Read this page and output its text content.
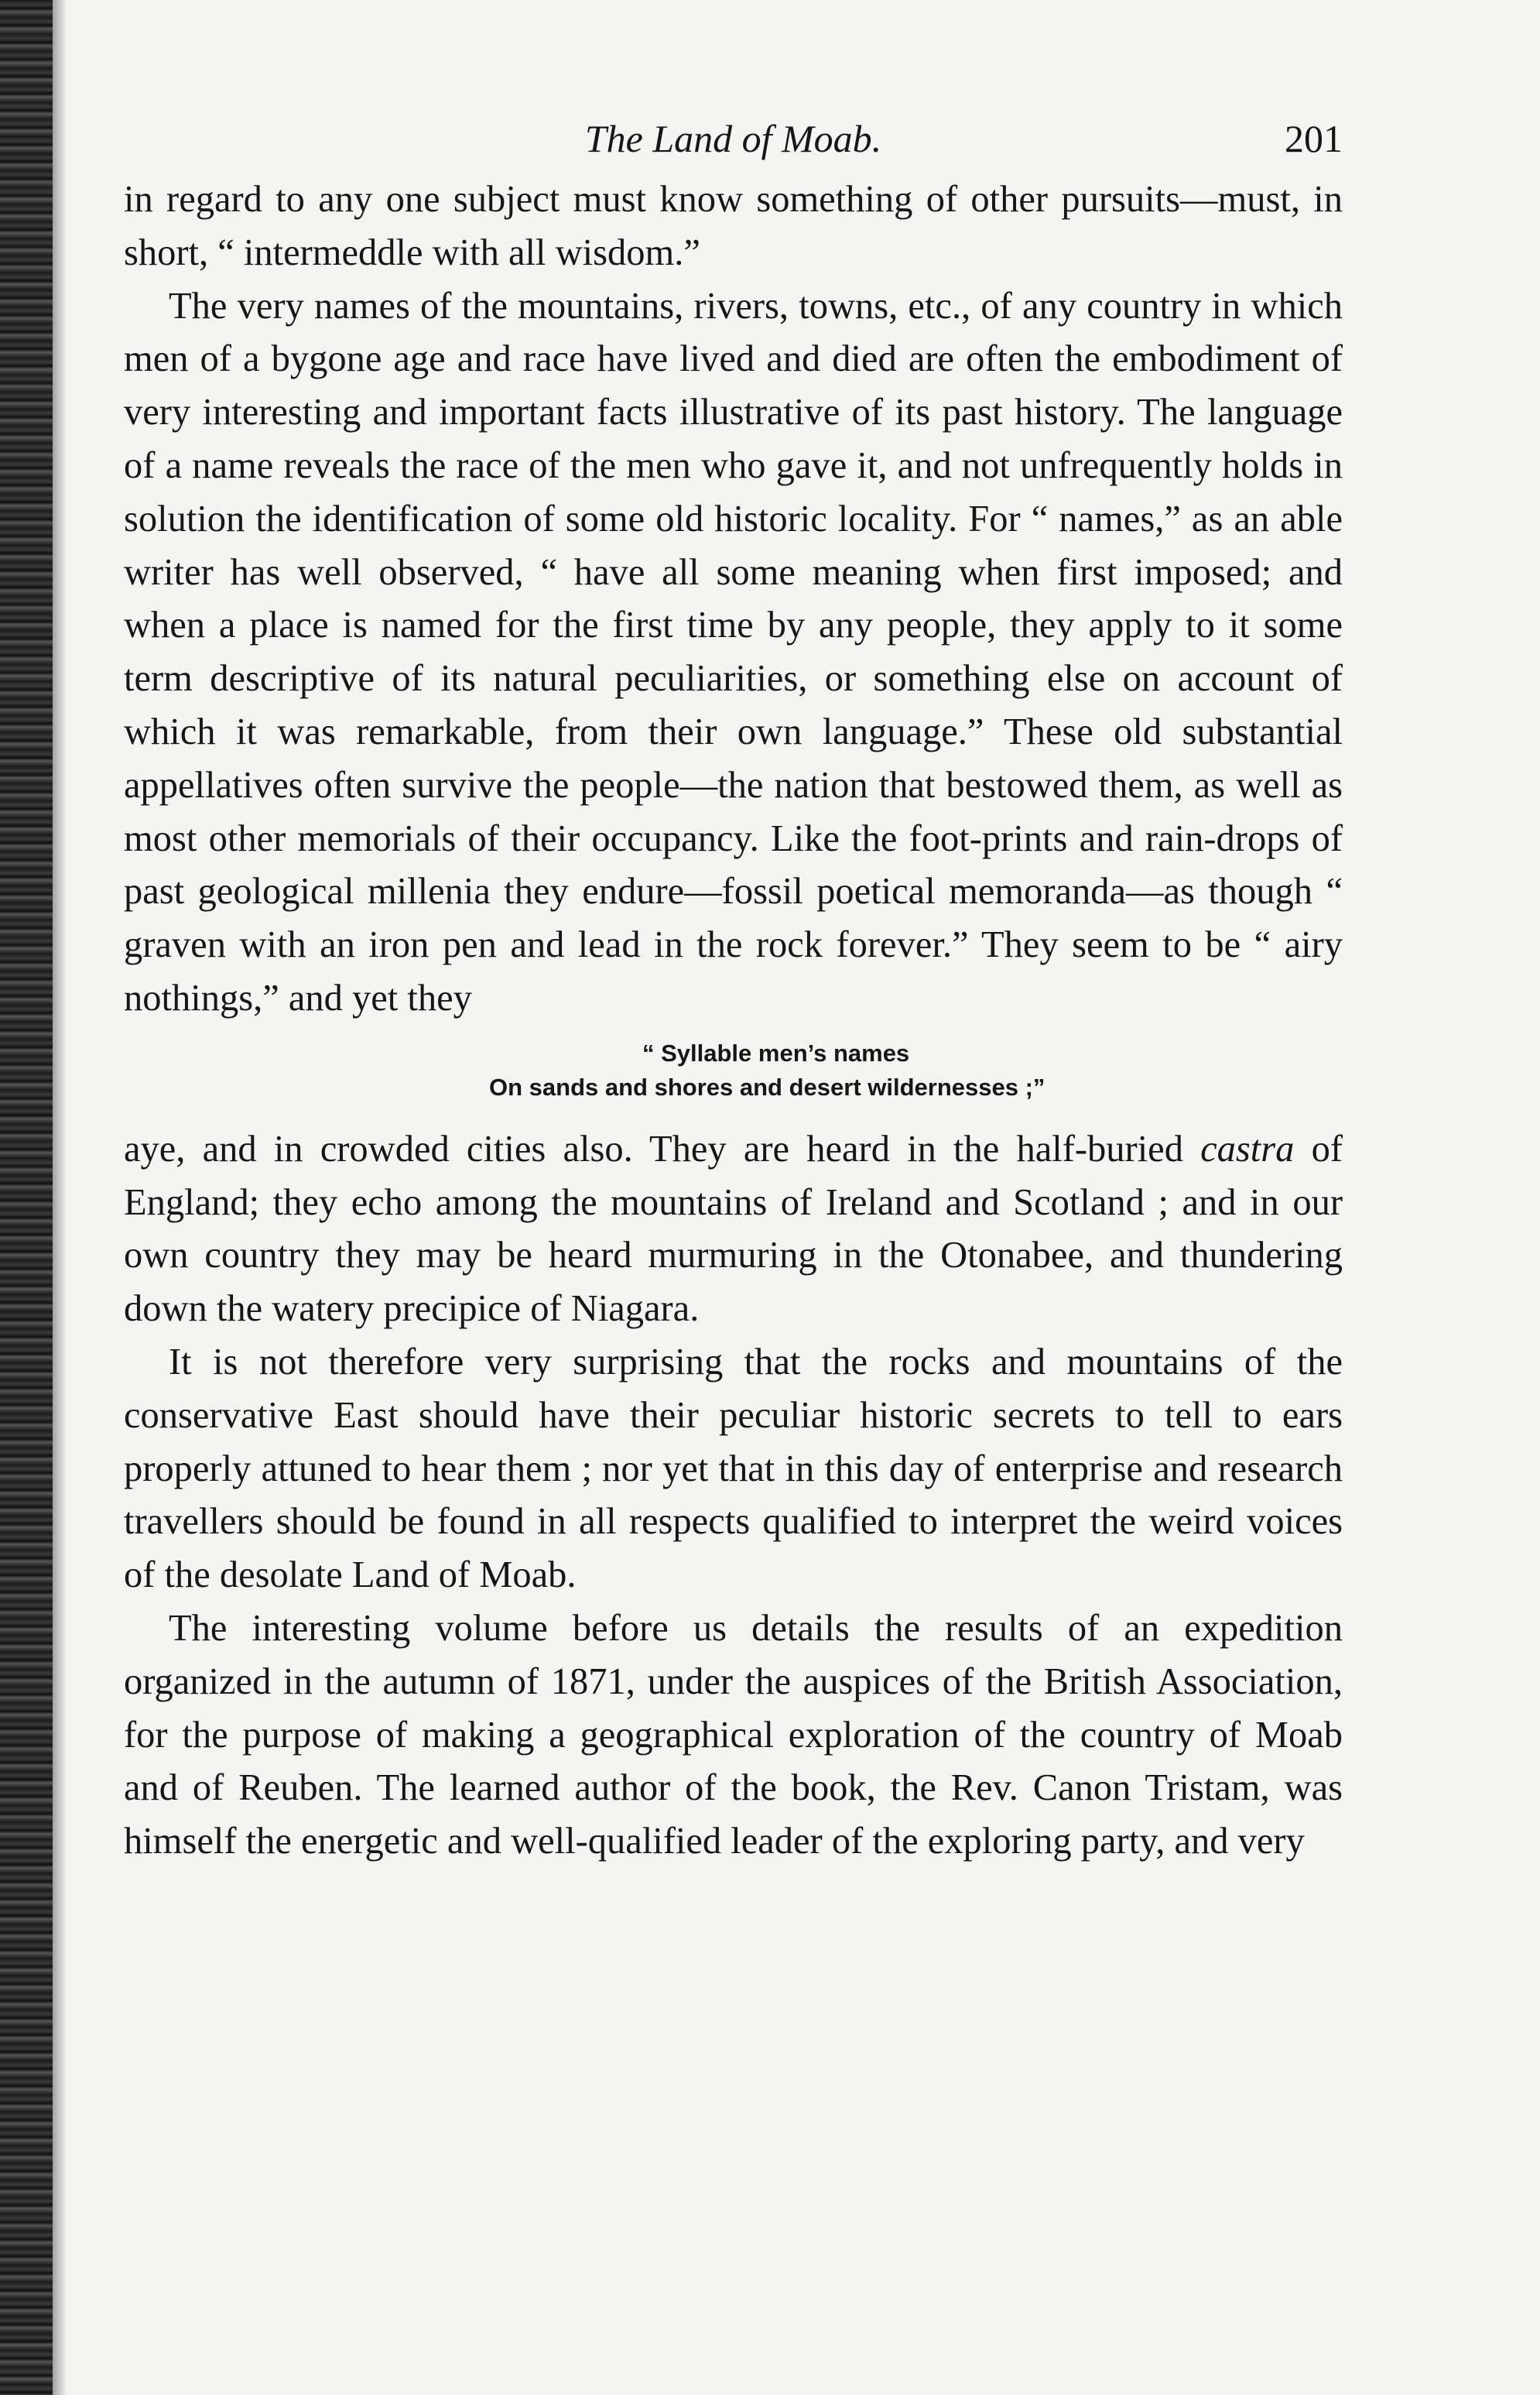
The Land of Moab.	201

in regard to any one subject must know something of other pursuits—must, in short, “ intermeddle with all wisdom.”

The very names of the mountains, rivers, towns, etc., of any country in which men of a bygone age and race have lived and died are often the embodiment of very interesting and important facts illustrative of its past history. The language of a name reveals the race of the men who gave it, and not unfrequently holds in solution the identification of some old historic locality. For “ names,” as an able writer has well observed, “ have all some meaning when first imposed; and when a place is named for the first time by any people, they apply to it some term descriptive of its natural peculiarities, or something else on account of which it was remarkable, from their own language.” These old substantial appellatives often survive the people—the nation that bestowed them, as well as most other memorials of their occupancy. Like the foot-prints and rain-drops of past geological millenia they endure—fossil poetical memoranda—as though “ graven with an iron pen and lead in the rock forever.” They seem to be “ airy nothings,” and yet they

“ Syllable men’s names
On sands and shores and desert wildernesses ;”

aye, and in crowded cities also. They are heard in the half-buried castra of England; they echo among the mountains of Ireland and Scotland ; and in our own country they may be heard murmuring in the Otonabee, and thundering down the watery precipice of Niagara.

It is not therefore very surprising that the rocks and mountains of the conservative East should have their peculiar historic secrets to tell to ears properly attuned to hear them ; nor yet that in this day of enterprise and research travellers should be found in all respects qualified to interpret the weird voices of the desolate Land of Moab.

The interesting volume before us details the results of an expedition organized in the autumn of 1871, under the auspices of the British Association, for the purpose of making a geographical exploration of the country of Moab and of Reuben. The learned author of the book, the Rev. Canon Tristam, was himself the energetic and well-qualified leader of the exploring party, and very
